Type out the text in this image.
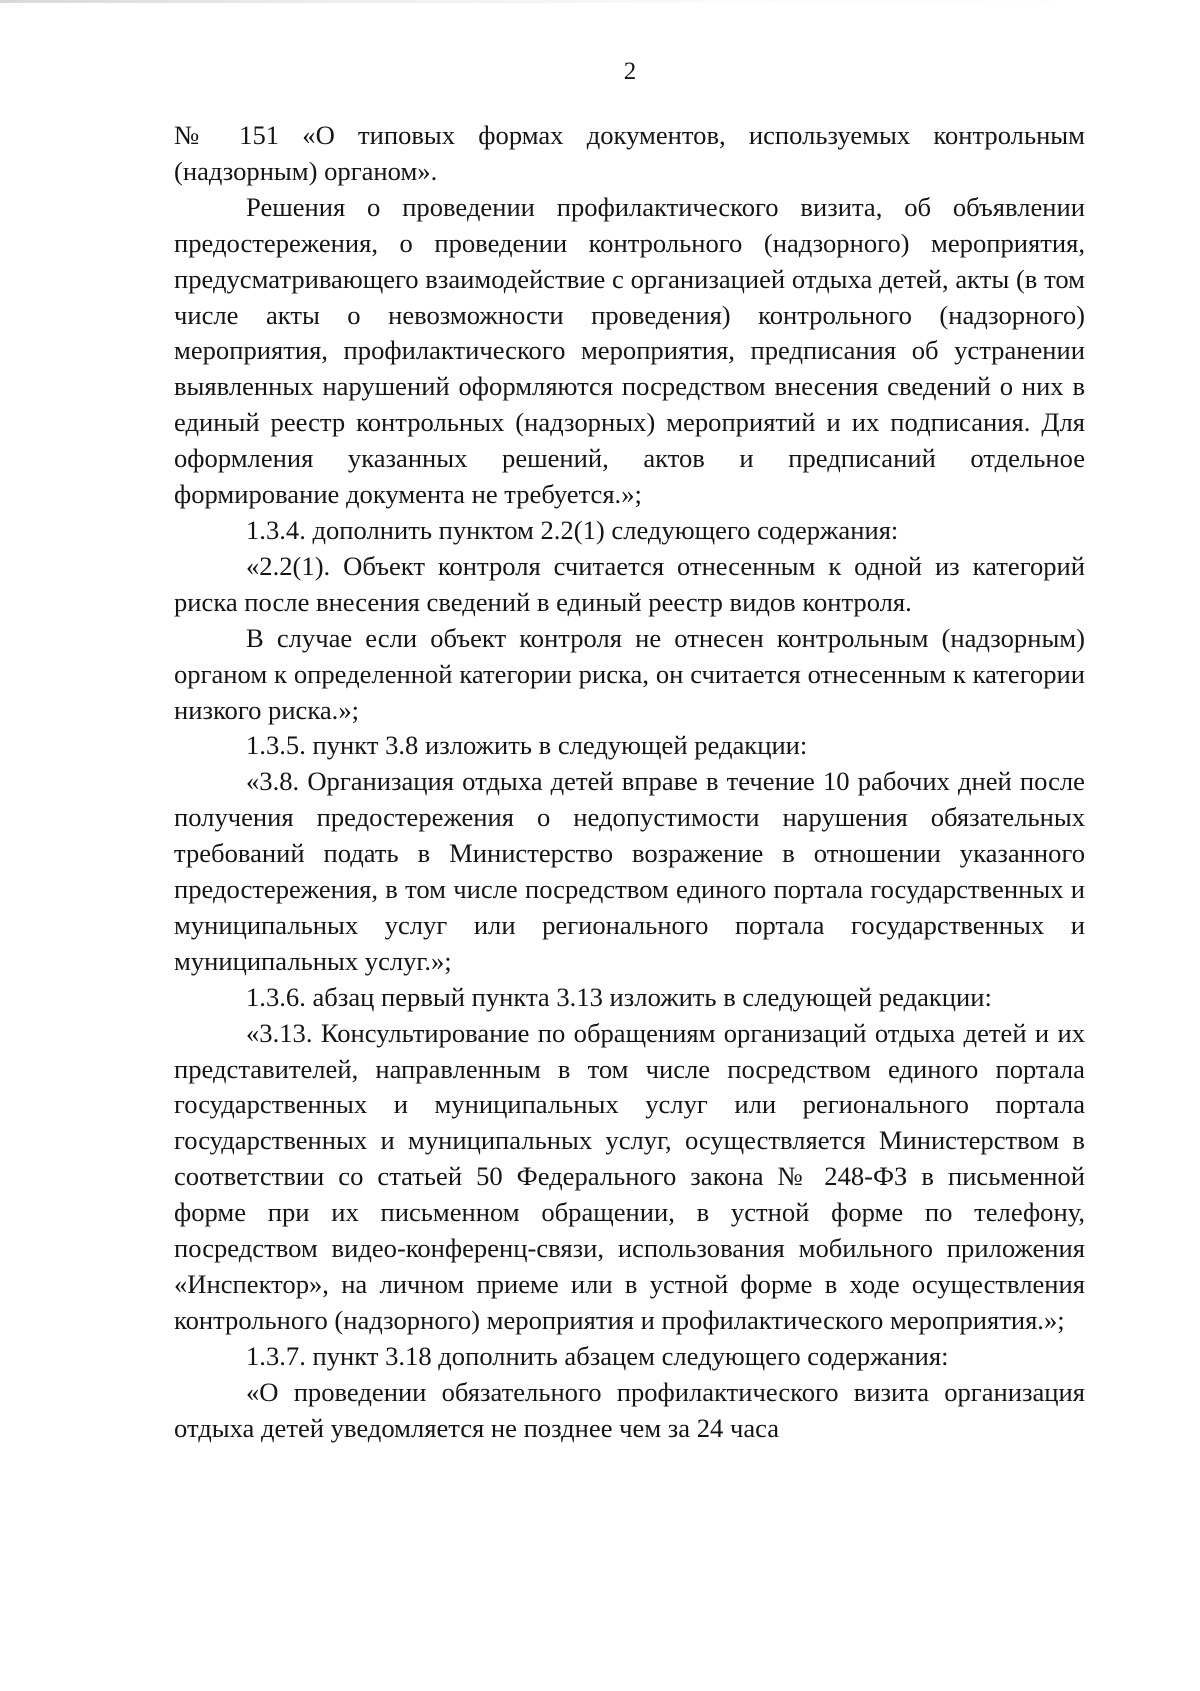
2

№ 151 «О типовых формах документов, используемых контрольным (надзорным) органом».

Решения о проведении профилактического визита, об объявлении предостережения, о проведении контрольного (надзорного) мероприятия, предусматривающего взаимодействие с организацией отдыха детей, акты (в том числе акты о невозможности проведения) контрольного (надзорного) мероприятия, профилактического мероприятия, предписания об устранении выявленных нарушений оформляются посредством внесения сведений о них в единый реестр контрольных (надзорных) мероприятий и их подписания. Для оформления указанных решений, актов и предписаний отдельное формирование документа не требуется.»;

1.3.4. дополнить пунктом 2.2(1) следующего содержания:

«2.2(1). Объект контроля считается отнесенным к одной из категорий риска после внесения сведений в единый реестр видов контроля.

В случае если объект контроля не отнесен контрольным (надзорным) органом к определенной категории риска, он считается отнесенным к категории низкого риска.»;

1.3.5. пункт 3.8 изложить в следующей редакции:

«3.8. Организация отдыха детей вправе в течение 10 рабочих дней после получения предостережения о недопустимости нарушения обязательных требований подать в Министерство возражение в отношении указанного предостережения, в том числе посредством единого портала государственных и муниципальных услуг или регионального портала государственных и муниципальных услуг.»;

1.3.6. абзац первый пункта 3.13 изложить в следующей редакции:

«3.13. Консультирование по обращениям организаций отдыха детей и их представителей, направленным в том числе посредством единого портала государственных и муниципальных услуг или регионального портала государственных и муниципальных услуг, осуществляется Министерством в соответствии со статьей 50 Федерального закона № 248-ФЗ в письменной форме при их письменном обращении, в устной форме по телефону, посредством видео-конференц-связи, использования мобильного приложения «Инспектор», на личном приеме или в устной форме в ходе осуществления контрольного (надзорного) мероприятия и профилактического мероприятия.»;

1.3.7. пункт 3.18 дополнить абзацем следующего содержания:

«О проведении обязательного профилактического визита организация отдыха детей уведомляется не позднее чем за 24 часа
